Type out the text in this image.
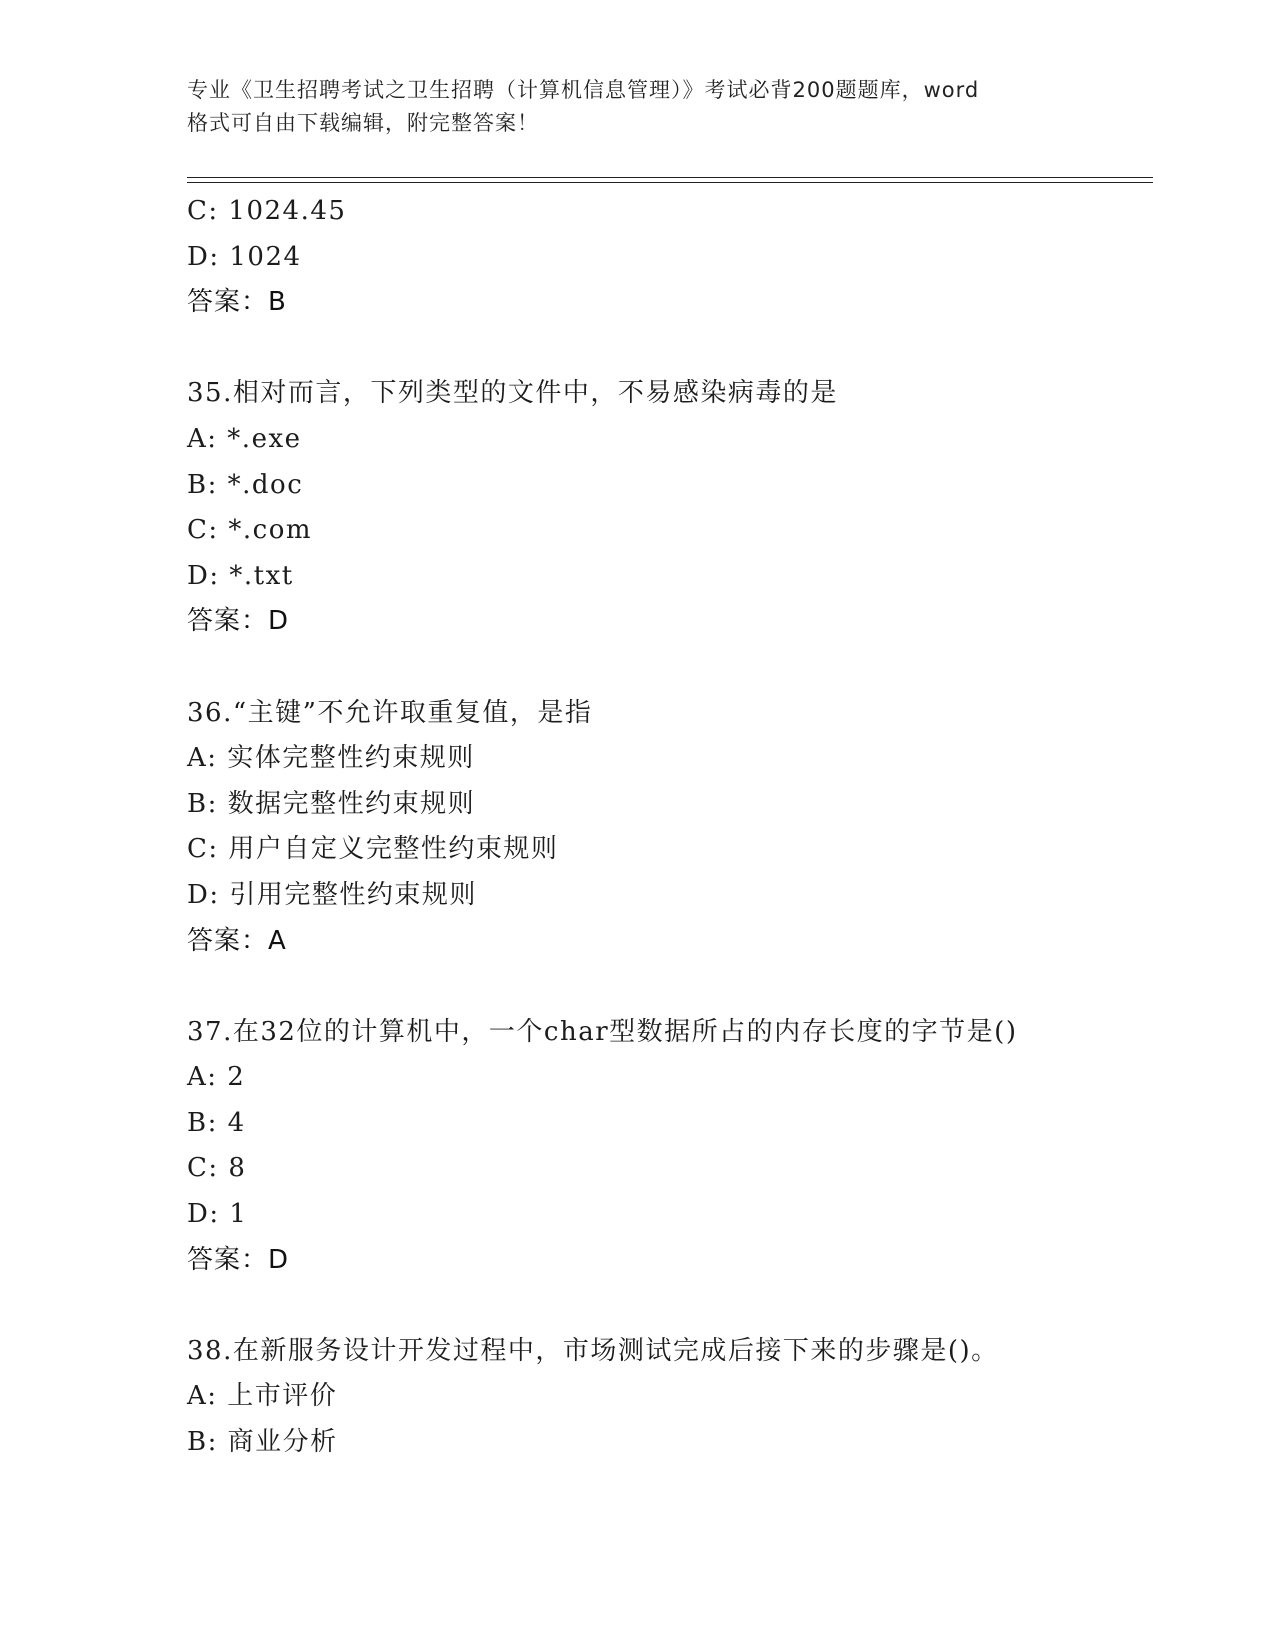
专业《卫生招聘考试之卫生招聘（计算机信息管理）》考试必背200题题库，word
格式可自由下载编辑，附完整答案！
C: 1024.45
D: 1024
答案：B
35.相对而言，下列类型的文件中，不易感染病毒的是
A: *.exe
B: *.doc
C: *.com
D: *.txt
答案：D
36.“主键”不允许取重复值，是指
A: 实体完整性约束规则
B: 数据完整性约束规则
C: 用户自定义完整性约束规则
D: 引用完整性约束规则
答案：A
37.在32位的计算机中，一个char型数据所占的内存长度的字节是()
A: 2
B: 4
C: 8
D: 1
答案：D
38.在新服务设计开发过程中，市场测试完成后接下来的步骤是()。
A: 上市评价
B: 商业分析
